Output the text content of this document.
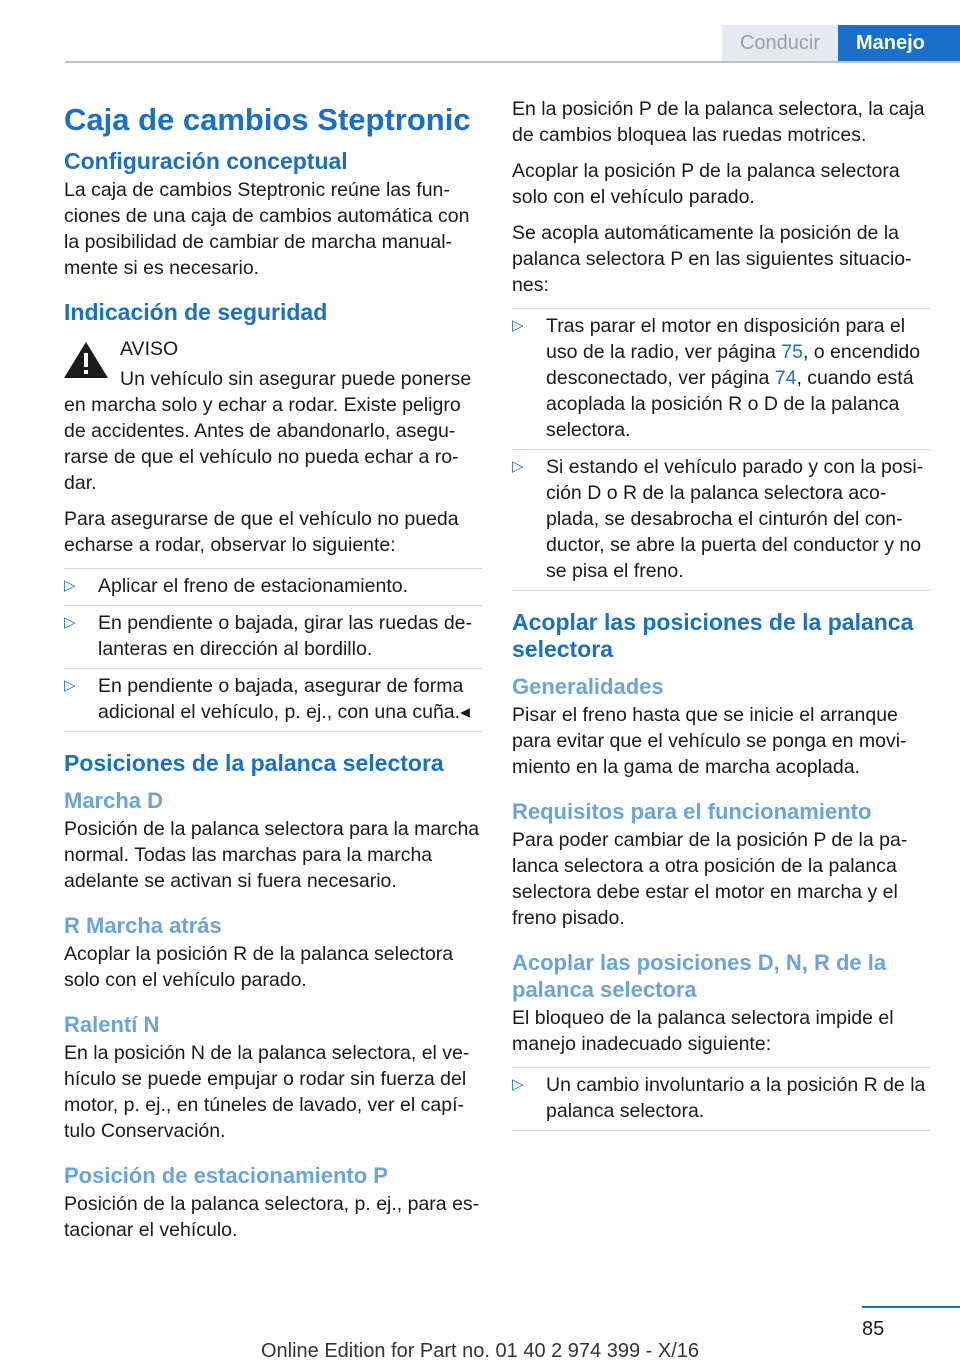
Conducir	Manejo
Caja de cambios Steptronic
Configuración conceptual

La caja de cambios Steptronic reúne las funciones de una caja de cambios automática con la posibilidad de cambiar de marcha manualmente si es necesario.

Indicación de seguridad

AVISO

Un vehículo sin asegurar puede ponerse en marcha solo y echar a rodar. Existe peligro de accidentes. Antes de abandonarlo, asegurarse de que el vehículo no pueda echar a rodar.

Para asegurarse de que el vehículo no pueda echarse a rodar, observar lo siguiente:

▷	Aplicar el freno de estacionamiento.
▷	En pendiente o bajada, girar las ruedas delanteras en dirección al bordillo.
▷	En pendiente o bajada, asegurar de forma adicional el vehículo, p. ej., con una cuña.◂
Posiciones de la palanca selectora
Marcha D

Posición de la palanca selectora para la marcha normal. Todas las marchas para la marcha adelante se activan si fuera necesario.

R Marcha atrás

Acoplar la posición R de la palanca selectora solo con el vehículo parado.

Ralentí N

En la posición N de la palanca selectora, el vehículo se puede empujar o rodar sin fuerza del motor, p. ej., en túneles de lavado, ver el capítulo Conservación.

Posición de estacionamiento P

Posición de la palanca selectora, p. ej., para estacionar el vehículo.

En la posición P de la palanca selectora, la caja de cambios bloquea las ruedas motrices.

Acoplar la posición P de la palanca selectora solo con el vehículo parado.

Se acopla automáticamente la posición de la palanca selectora P en las siguientes situaciones:

▷	Tras parar el motor en disposición para el uso de la radio, ver página 75, o encendido desconectado, ver página 74, cuando está acoplada la posición R o D de la palanca selectora.
▷	Si estando el vehículo parado y con la posición D o R de la palanca selectora acoplada, se desabrocha el cinturón del conductor, se abre la puerta del conductor y no se pisa el freno.
Acoplar las posiciones de la palanca selectora
Generalidades

Pisar el freno hasta que se inicie el arranque para evitar que el vehículo se ponga en movimiento en la gama de marcha acoplada.

Requisitos para el funcionamiento

Para poder cambiar de la posición P de la palanca selectora a otra posición de la palanca selectora debe estar el motor en marcha y el freno pisado.

Acoplar las posiciones D, N, R de la palanca selectora

El bloqueo de la palanca selectora impide el manejo inadecuado siguiente:

▷	Un cambio involuntario a la posición R de la palanca selectora.
85
Online Edition for Part no. 01 40 2 974 399 - X/16
